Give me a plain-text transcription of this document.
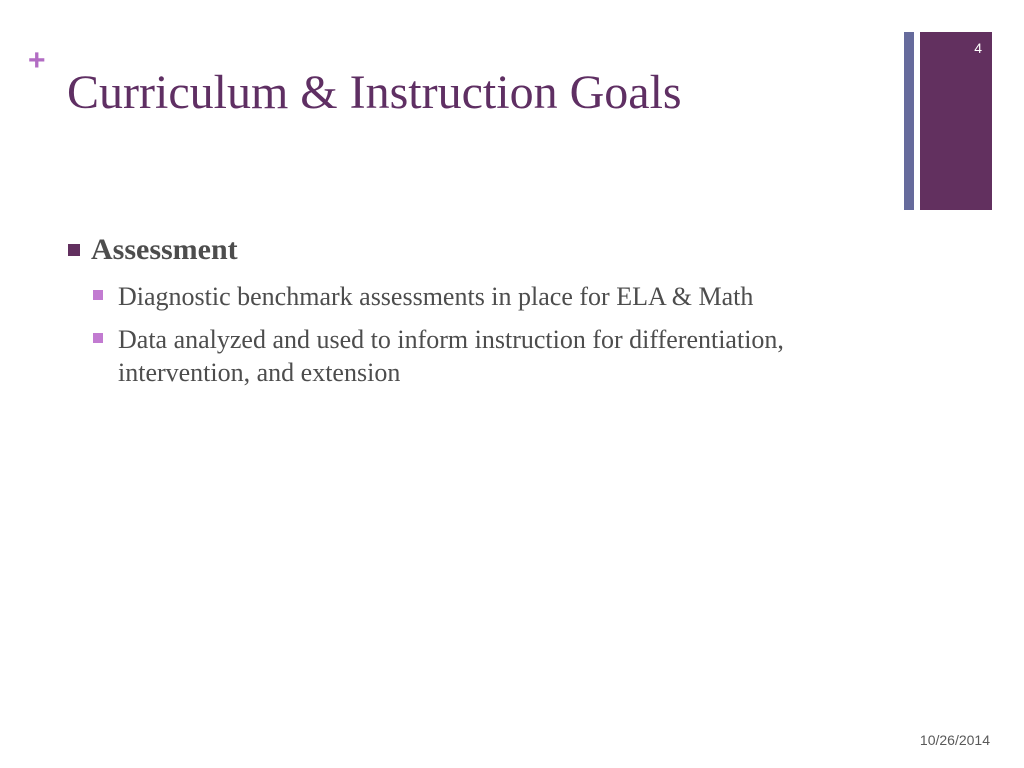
+
Curriculum & Instruction Goals
4
Assessment
Diagnostic benchmark assessments in place for ELA & Math
Data analyzed and used to inform instruction for differentiation, intervention, and extension
10/26/2014
